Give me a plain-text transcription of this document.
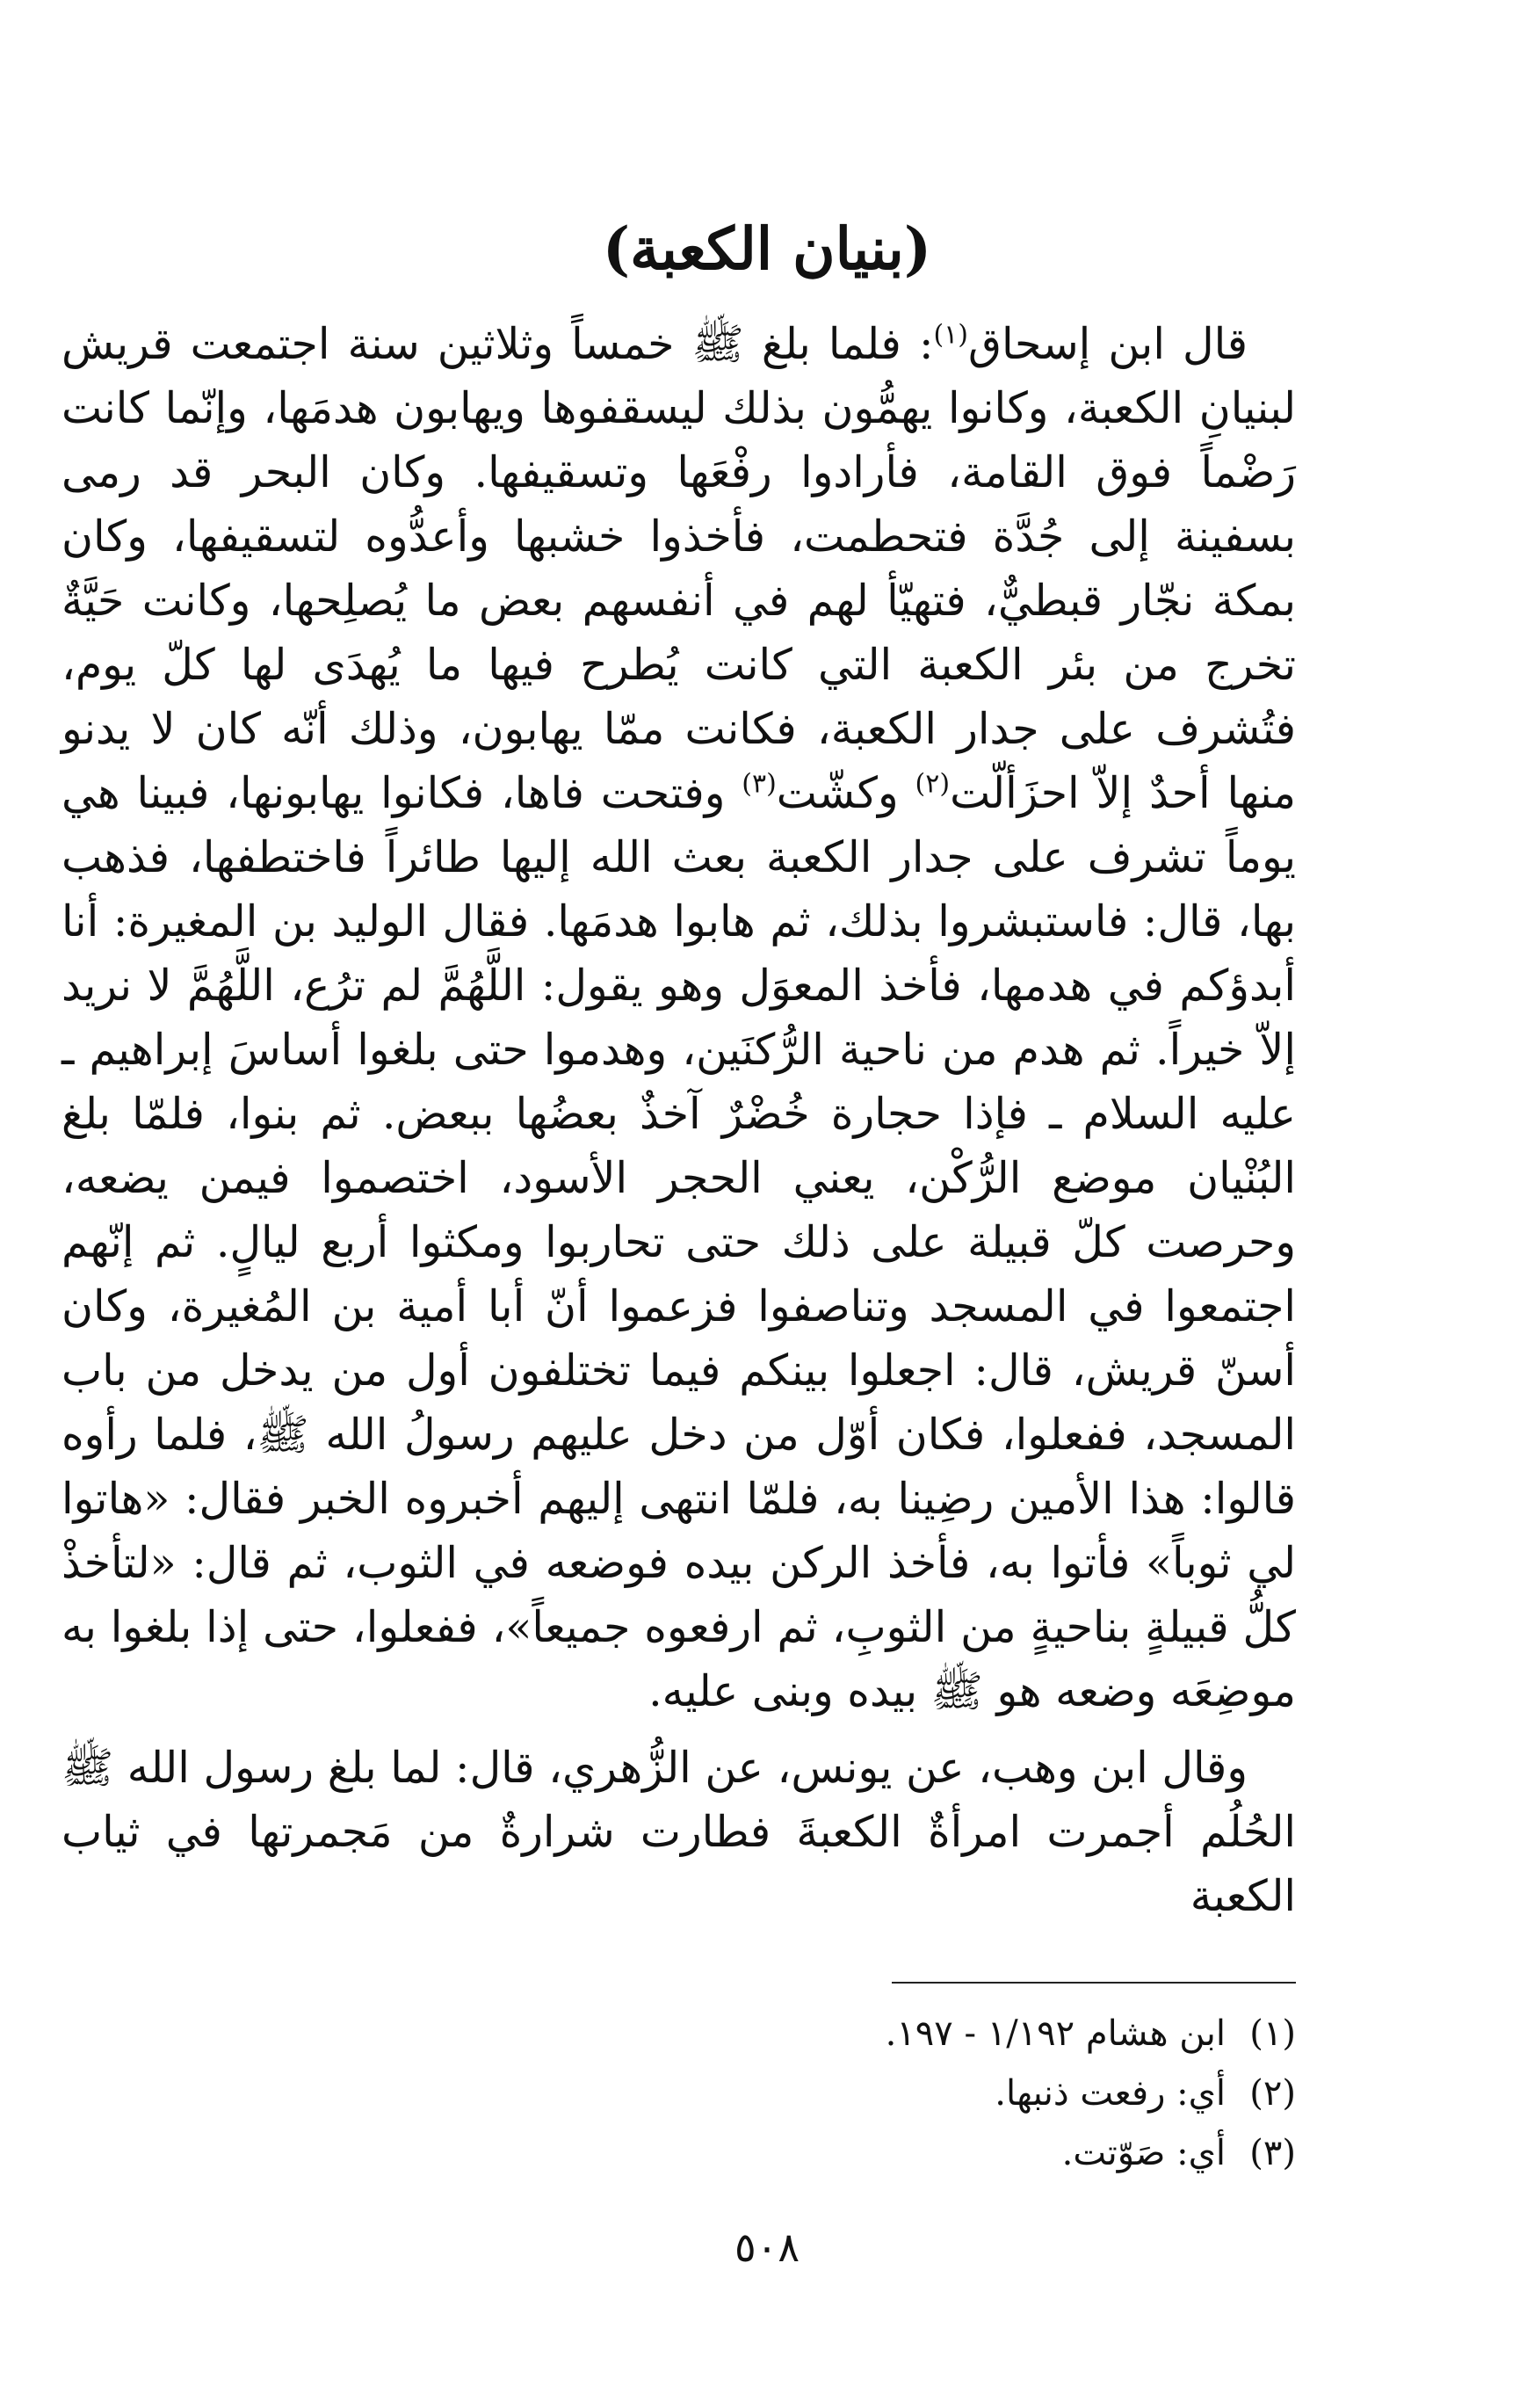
(بنيان الكعبة)

قال ابن إسحاق$^{(١)}$: فلما بلغ ﷺ خمساً وثلاثين سنة اجتمعت قريش لبنيانِ الكعبة، وكانوا يهمُّون بذلك ليسقفوها ويهابون هدمَها، وإنّما كانت رَضْماً فوق القامة، فأرادوا رفْعَها وتسقيفها. وكان البحر قد رمى بسفينة إلى جُدَّة فتحطمت، فأخذوا خشبها وأعدُّوه لتسقيفها، وكان بمكة نجّار قبطيٌّ، فتهيّأ لهم في أنفسهم بعض ما يُصلِحها، وكانت حَيَّةٌ تخرج من بئر الكعبة التي كانت يُطرح فيها ما يُهدَى لها كلّ يوم، فتُشرف على جدار الكعبة، فكانت ممّا يهابون، وذلك أنّه كان لا يدنو منها أحدٌ إلاّ احزَألّت$^{(٢)}$ وكشّت$^{(٣)}$ وفتحت فاها، فكانوا يهابونها، فبينا هي يوماً تشرف على جدار الكعبة بعث الله إليها طائراً فاختطفها، فذهب بها، قال: فاستبشروا بذلك، ثم هابوا هدمَها. فقال الوليد بن المغيرة: أنا أبدؤكم في هدمها، فأخذ المعوَل وهو يقول: اللَّهُمَّ لم ترُع، اللَّهُمَّ لا نريد إلاّ خيراً. ثم هدم من ناحية الرُّكنَين، وهدموا حتى بلغوا أساسَ إبراهيم ـ عليه السلام ـ فإذا حجارة خُضْرٌ آخذٌ بعضُها ببعض. ثم بنوا، فلمّا بلغ البُنْيان موضع الرُّكْن، يعني الحجر الأسود، اختصموا فيمن يضعه، وحرصت كلّ قبيلة على ذلك حتى تحاربوا ومكثوا أربع ليالٍ. ثم إنّهم اجتمعوا في المسجد وتناصفوا فزعموا أنّ أبا أمية بن المُغيرة، وكان أسنّ قريش، قال: اجعلوا بينكم فيما تختلفون أول من يدخل من باب المسجد، ففعلوا، فكان أوّل من دخل عليهم رسولُ الله ﷺ، فلما رأوه قالوا: هذا الأمين رضِينا به، فلمّا انتهى إليهم أخبروه الخبر فقال: «هاتوا لي ثوباً» فأتوا به، فأخذ الركن بيده فوضعه في الثوب، ثم قال: «لتأخذْ كلُّ قبيلةٍ بناحيةٍ من الثوبِ، ثم ارفعوه جميعاً»، ففعلوا، حتى إذا بلغوا به موضِعَه وضعه هو ﷺ بيده وبنى عليه.

وقال ابن وهب، عن يونس، عن الزُّهري، قال: لما بلغ رسول الله ﷺ الحُلُم أجمرت امرأةٌ الكعبةَ فطارت شرارةٌ من مَجمرتها في ثياب الكعبة

(١)
ابن هشام ١/١٩٢ - ١٩٧.
(٢)
أي: رفعت ذنبها.
(٣)
أي: صَوّتت.
٥٠٨
